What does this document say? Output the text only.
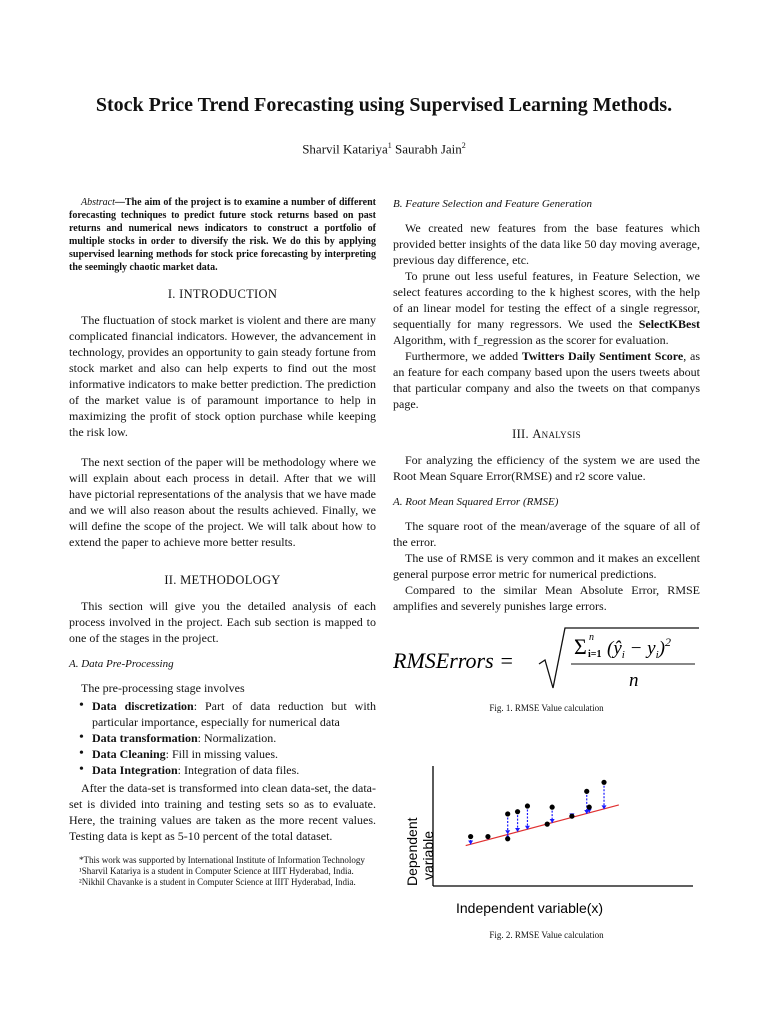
Stock Price Trend Forecasting using Supervised Learning Methods.
Sharvil Katariya$^1$ Saurabh Jain$^2$

Abstract—The aim of the project is to examine a number of different forecasting techniques to predict future stock returns based on past returns and numerical news indicators to construct a portfolio of multiple stocks in order to diversify the risk. We do this by applying supervised learning methods for stock price forecasting by interpreting the seemingly chaotic market data.

I. INTRODUCTION

The fluctuation of stock market is violent and there are many complicated financial indicators. However, the advancement in technology, provides an opportunity to gain steady fortune from stock market and also can help experts to find out the most informative indicators to make better prediction. The prediction of the market value is of paramount importance to help in maximizing the profit of stock option purchase while keeping the risk low.

The next section of the paper will be methodology where we will explain about each process in detail. After that we will have pictorial representations of the analysis that we have made and we will also reason about the results achieved. Finally, we will define the scope of the project. We will talk about how to extend the paper to achieve more better results.

II. METHODOLOGY

This section will give you the detailed analysis of each process involved in the project. Each sub section is mapped to one of the stages in the project.

A. Data Pre-Processing

The pre-processing stage involves

• Data discretization: Part of data reduction but with particular importance, especially for numerical data
• Data transformation: Normalization.
• Data Cleaning: Fill in missing values.
• Data Integration: Integration of data files.

After the data-set is transformed into clean data-set, the data-set is divided into training and testing sets so as to evaluate. Here, the training values are taken as the more recent values. Testing data is kept as 5-10 percent of the total dataset.

*This work was supported by International Institute of Information Technology

¹Sharvil Katariya is a student in Computer Science at IIIT Hyderabad, India.

²Nikhil Chavanke is a student in Computer Science at IIIT Hyderabad, India.

B. Feature Selection and Feature Generation

We created new features from the base features which provided better insights of the data like 50 day moving average, previous day difference, etc.

To prune out less useful features, in Feature Selection, we select features according to the k highest scores, with the help of an linear model for testing the effect of a single regressor, sequentially for many regressors. We used the SelectKBest Algorithm, with f_regression as the scorer for evaluation.

Furthermore, we added Twitters Daily Sentiment Score, as an feature for each company based upon the users tweets about that particular company and also the tweets on that companys page.

III. Analysis

For analyzing the efficiency of the system we are used the Root Mean Square Error(RMSE) and r2 score value.

A. Root Mean Squared Error (RMSE)

The square root of the mean/average of the square of all of the error.

The use of RMSE is very common and it makes an excellent general purpose error metric for numerical predictions.

Compared to the similar Mean Absolute Error, RMSE amplifies and severely punishes large errors.

RMSErrors =
Σ n
i=1 $(ŷ_i - y_i)^2$
n
Fig. 1. RMSE Value calculation
Dependent variable
Independent variable(x)
Fig. 2. RMSE Value calculation
